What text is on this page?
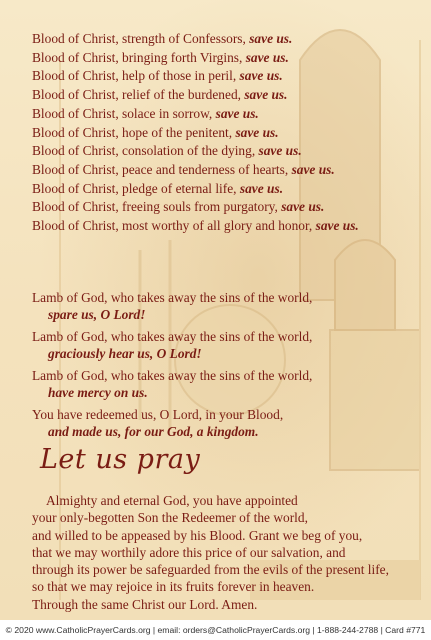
Blood of Christ, strength of Confessors, save us.
Blood of Christ, bringing forth Virgins, save us.
Blood of Christ, help of those in peril, save us.
Blood of Christ, relief of the burdened, save us.
Blood of Christ, solace in sorrow, save us.
Blood of Christ, hope of the penitent, save us.
Blood of Christ, consolation of the dying, save us.
Blood of Christ, peace and tenderness of hearts, save us.
Blood of Christ, pledge of eternal life, save us.
Blood of Christ, freeing souls from purgatory, save us.
Blood of Christ, most worthy of all glory and honor, save us.
Lamb of God, who takes away the sins of the world,
spare us, O Lord!
Lamb of God, who takes away the sins of the world,
graciously hear us, O Lord!
Lamb of God, who takes away the sins of the world,
have mercy on us.
You have redeemed us, O Lord, in your Blood,
and made us, for our God, a kingdom.
Let us pray
Almighty and eternal God, you have appointed
your only-begotten Son the Redeemer of the world,
and willed to be appeased by his Blood. Grant we beg of you,
that we may worthily adore this price of our salvation, and
through its power be safeguarded from the evils of the present life,
so that we may rejoice in its fruits forever in heaven.
Through the same Christ our Lord. Amen.
© 2020 www.CatholicPrayerCards.org | email: orders@CatholicPrayerCards.org | 1-888-244-2788 | Card #771
